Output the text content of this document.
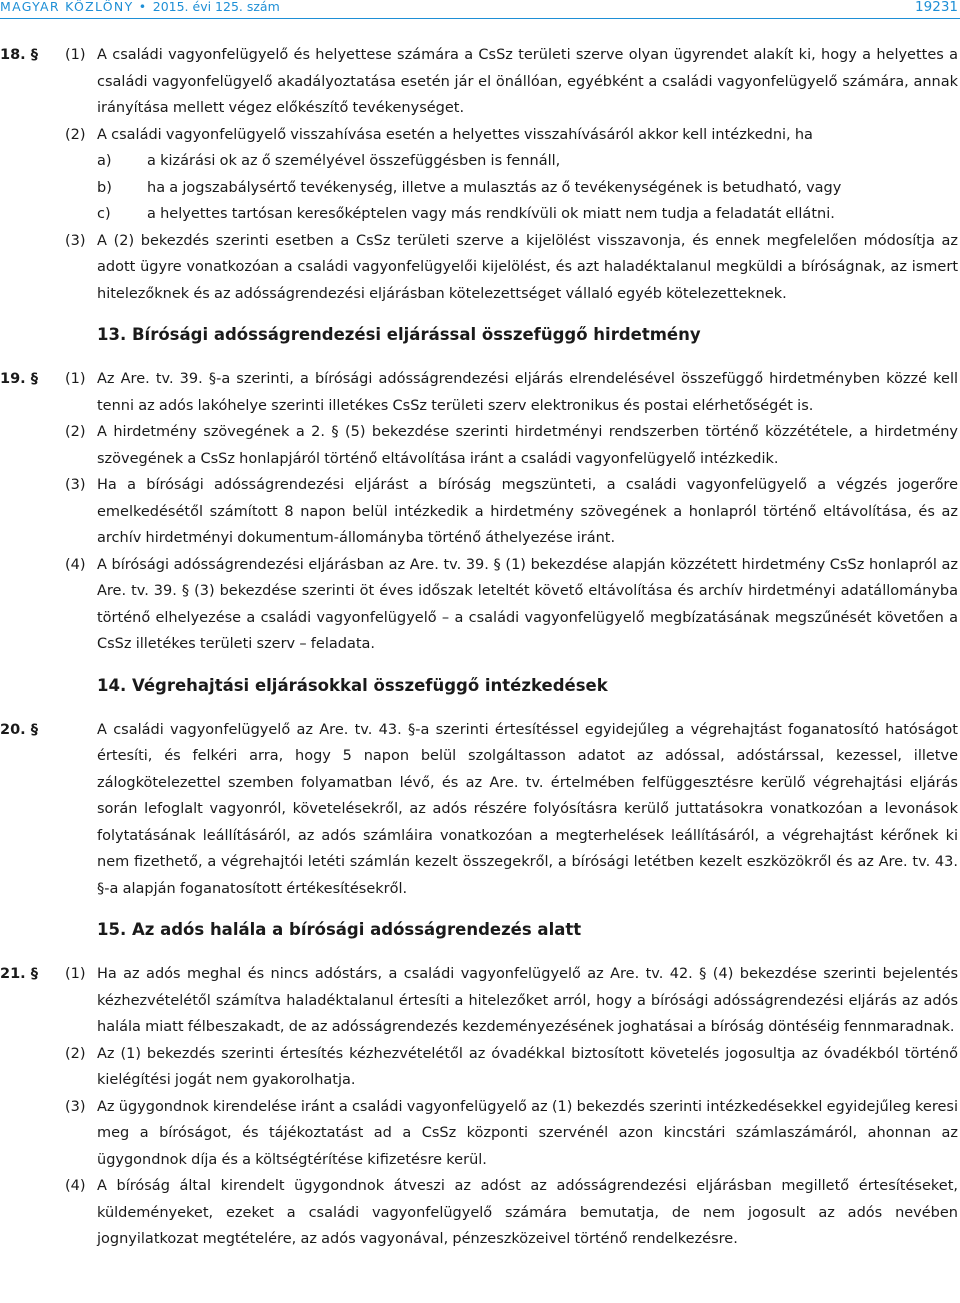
MAGYAR KÖZLÖNY • 2015. évi 125. szám	19231
18. § (1) A családi vagyonfelügyelő és helyettese számára a CsSz területi szerve olyan ügyrendet alakít ki, hogy a helyettes a családi vagyonfelügyelő akadályoztatása esetén jár el önállóan, egyébként a családi vagyonfelügyelő számára, annak irányítása mellett végez előkészítő tevékenységet.
(2) A családi vagyonfelügyelő visszahívása esetén a helyettes visszahívásáról akkor kell intézkedni, ha
a) a kizárási ok az ő személyével összefüggésben is fennáll,
b) ha a jogszabálysértő tevékenység, illetve a mulasztás az ő tevékenységének is betudható, vagy
c)	a helyettes tartósan keresőképtelen vagy más rendkívüli ok miatt nem tudja a feladatát ellátni.
(3) A (2) bekezdés szerinti esetben a CsSz területi szerve a kijelölést visszavonja, és ennek megfelelően módosítja az adott ügyre vonatkozóan a családi vagyonfelügyelői kijelölést, és azt haladéktalanul megküldi a bíróságnak, az ismert hitelezőknek és az adósságrendezési eljárásban kötelezettséget vállaló egyéb kötelezetteknek.
13. Bírósági adósságrendezési eljárással összefüggő hirdetmény
19. § (1) Az Are. tv. 39. §-a szerinti, a bírósági adósságrendezési eljárás elrendelésével összefüggő hirdetményben közzé kell tenni az adós lakóhelye szerinti illetékes CsSz területi szerv elektronikus és postai elérhetőségét is.
(2) A hirdetmény szövegének a 2. § (5) bekezdése szerinti hirdetményi rendszerben történő közzététele, a hirdetmény szövegének a CsSz honlapjáról történő eltávolítása iránt a családi vagyonfelügyelő intézkedik.
(3) Ha a bírósági adósságrendezési eljárást a bíróság megszünteti, a családi vagyonfelügyelő a végzés jogerőre emelkedésétől számított 8 napon belül intézkedik a hirdetmény szövegének a honlapról történő eltávolítása, és az archív hirdetményi dokumentum-állományba történő áthelyezése iránt.
(4) A bírósági adósságrendezési eljárásban az Are. tv. 39. § (1) bekezdése alapján közzétett hirdetmény CsSz honlapról az Are. tv. 39. § (3) bekezdése szerinti öt éves időszak leteltét követő eltávolítása és archív hirdetményi adatállományba történő elhelyezése a családi vagyonfelügyelő – a családi vagyonfelügyelő megbízatásának megszűnését követően a CsSz illetékes területi szerv – feladata.
14. Végrehajtási eljárásokkal összefüggő intézkedések
20. §	A családi vagyonfelügyelő az Are. tv. 43. §-a szerinti értesítéssel egyidejűleg a végrehajtást foganatosító hatóságot értesíti, és felkéri arra, hogy 5 napon belül szolgáltasson adatot az adóssal, adóstárssal, kezessel, illetve zálogkötelezettel szemben folyamatban lévő, és az Are. tv. értelmében felfüggesztésre kerülő végrehajtási eljárás során lefoglalt vagyonról, követelésekről, az adós részére folyósításra kerülő juttatásokra vonatkozóan a levonások folytatásának leállításáról, az adós számláira vonatkozóan a megterhelések leállításáról, a végrehajtást kérőnek ki nem fizethető, a végrehajtói letéti számlán kezelt összegekről, a bírósági letétben kezelt eszközökről és az Are. tv. 43. §-a alapján foganatosított értékesítésekről.
15. Az adós halála a bírósági adósságrendezés alatt
21. § (1) Ha az adós meghal és nincs adóstárs, a családi vagyonfelügyelő az Are. tv. 42. § (4) bekezdése szerinti bejelentés kézhezvételétől számítva haladéktalanul értesíti a hitelezőket arról, hogy a bírósági adósságrendezési eljárás az adós halála miatt félbeszakadt, de az adósságrendezés kezdeményezésének joghatásai a bíróság döntéséig fennmaradnak.
(2) Az (1) bekezdés szerinti értesítés kézhezvételétől az óvadékkal biztosított követelés jogosultja az óvadékból történő kielégítési jogát nem gyakorolhatja.
(3) Az ügygondnok kirendelése iránt a családi vagyonfelügyelő az (1) bekezdés szerinti intézkedésekkel egyidejűleg keresi meg a bíróságot, és tájékoztatást ad a CsSz központi szervénél azon kincstári számlaszámáról, ahonnan az ügygondnok díja és a költségtérítése kifizetésre kerül.
(4) A bíróság által kirendelt ügygondnok átveszi az adóst az adósságrendezési eljárásban megillető értesítéseket, küldeményeket, ezeket a családi vagyonfelügyelő számára bemutatja, de nem jogosult az adós nevében jognyilatkozat megtételére, az adós vagyonával, pénzeszközeivel történő rendelkezésre.
